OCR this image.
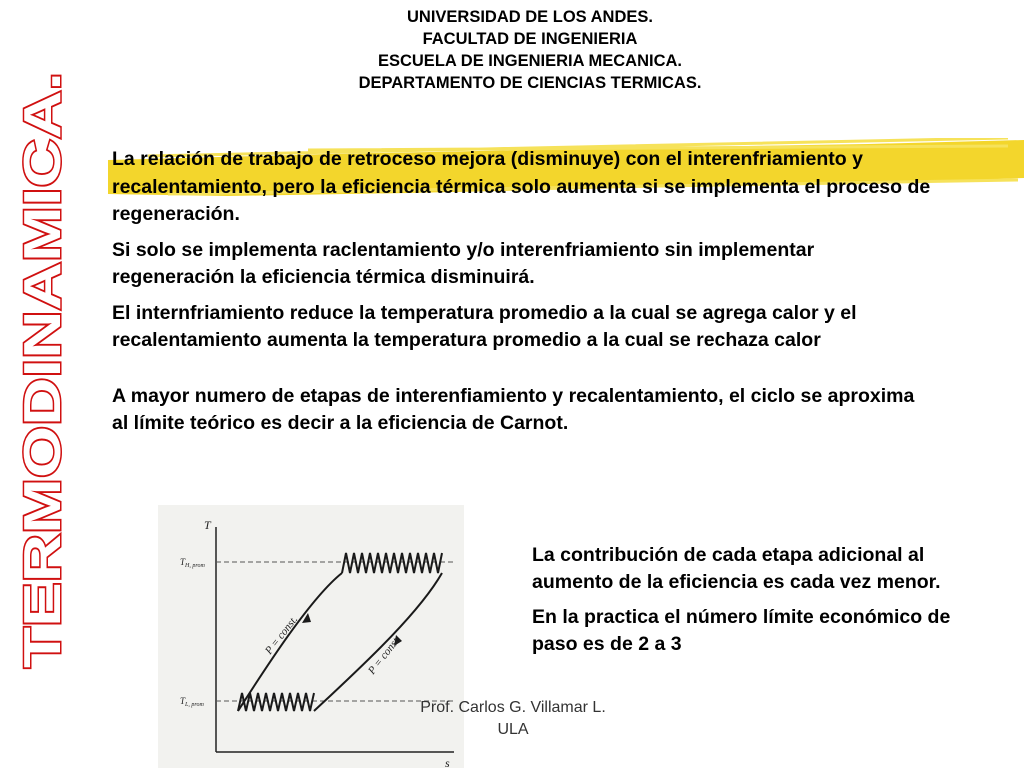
TERMODINAMICA.
UNIVERSIDAD DE LOS ANDES.
FACULTAD DE INGENIERIA
ESCUELA DE INGENIERIA MECANICA.
DEPARTAMENTO DE CIENCIAS TERMICAS.

La relación de trabajo de retroceso mejora (disminuye) con el interenfriamiento y recalentamiento, pero la eficiencia térmica solo aumenta si se implementa el proceso de regeneración.

Si solo se implementa raclentamiento y/o interenfriamiento sin implementar regeneración la eficiencia térmica disminuirá.

El internfriamiento reduce la temperatura promedio a la cual se agrega calor y el recalentamiento aumenta la temperatura promedio a la cual se rechaza calor

A mayor numero de etapas de interenfiamiento y recalentamiento, el ciclo se aproxima al límite teórico es decir a la eficiencia de Carnot.

T
s
$T_{H, prom}$
$T_{L, prom}$
P = const.	P = const.

La contribución de cada etapa adicional al aumento de la eficiencia es cada vez menor.

En la practica el número límite económico de paso es de 2 a 3

Prof. Carlos G. Villamar L.
ULA
